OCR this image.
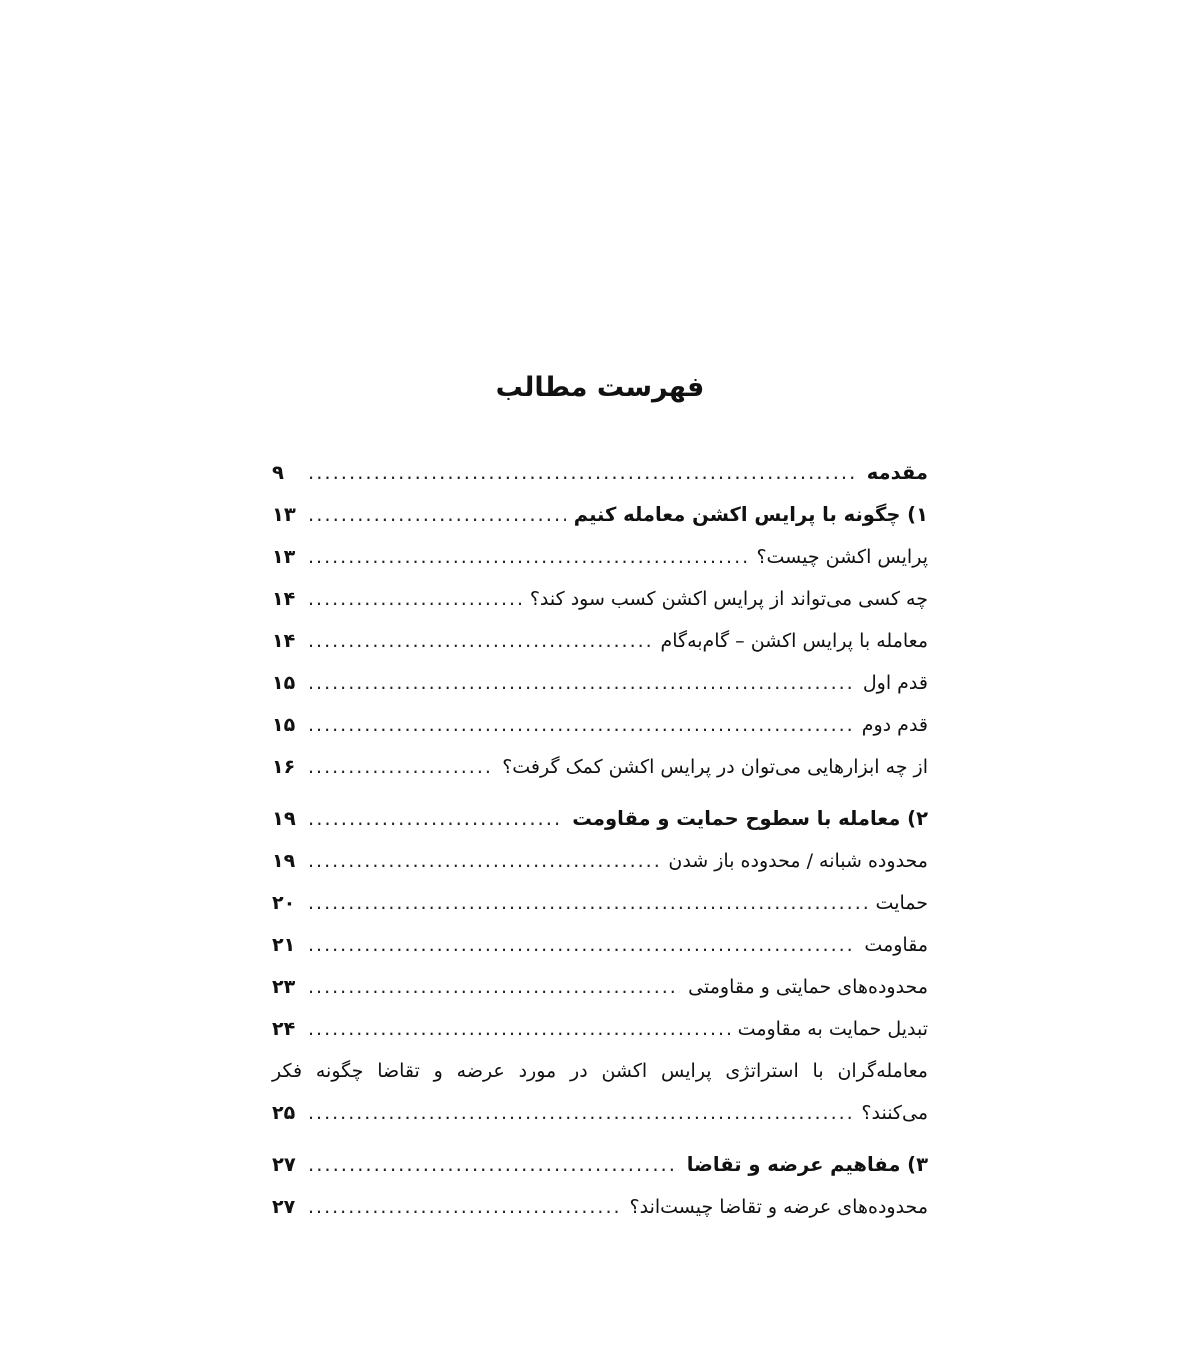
فهرست مطالب
مقدمه
.....
۹
۱) چگونه با پرایس اکشن معامله کنیم
.....
۱۳
پرایس اکشن چیست؟
.....
۱۳
چه کسی می‌تواند از پرایس اکشن کسب سود کند؟
.....
۱۴
معامله با پرایس اکشن – گام‌به‌گام
.....
۱۴
قدم اول
.....
۱۵
قدم دوم
.....
۱۵
از چه ابزارهایی می‌توان در پرایس اکشن کمک گرفت؟
.....
۱۶
۲) معامله با سطوح حمایت و مقاومت
.....
۱۹
محدوده شبانه / محدوده باز شدن
.....
۱۹
حمایت
.....
۲۰
مقاومت
.....
۲۱
محدوده‌های حمایتی و مقاومتی
.....
۲۳
تبدیل حمایت به مقاومت
.....
۲۴
معامله‌گران با استراتژی پرایس اکشن در مورد عرضه و تقاضا چگونه فکر
می‌کنند؟
.....
۲۵
۳) مفاهیم عرضه و تقاضا
.....
۲۷
محدوده‌های عرضه و تقاضا چیست‌اند؟
.....
۲۷
